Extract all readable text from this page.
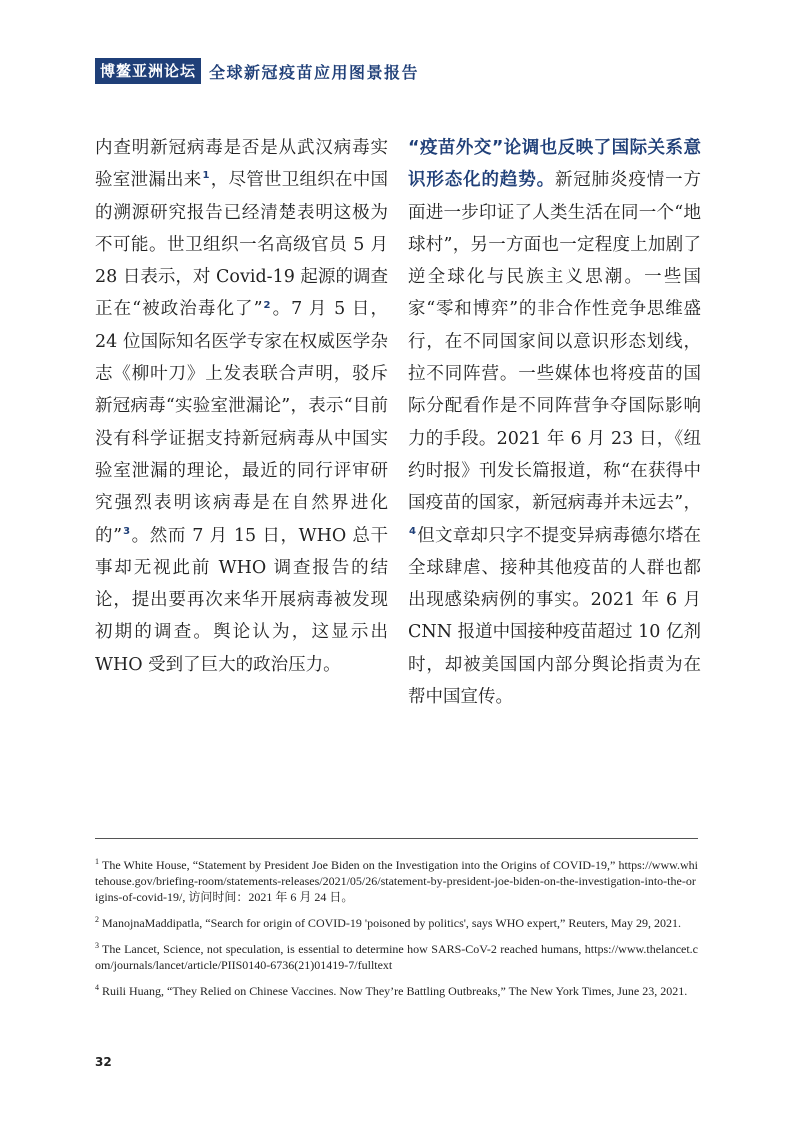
博鳌亚洲论坛 全球新冠疫苗应用图景报告

内查明新冠病毒是否是从武汉病毒实验室泄漏出来$^1$，尽管世卫组织在中国的溯源研究报告已经清楚表明这极为不可能。世卫组织一名高级官员 5 月 28 日表示，对 Covid-19 起源的调查正在“被政治毒化了”$^2$。7 月 5 日，24 位国际知名医学专家在权威医学杂志《柳叶刀》上发表联合声明，驳斥新冠病毒“实验室泄漏论”，表示“目前没有科学证据支持新冠病毒从中国实验室泄漏的理论，最近的同行评审研究强烈表明该病毒是在自然界进化的”$^3$。然而 7 月 15 日，WHO 总干事却无视此前 WHO 调查报告的结论，提出要再次来华开展病毒被发现初期的调查。舆论认为，这显示出 WHO 受到了巨大的政治压力。

“疫苗外交”论调也反映了国际关系意识形态化的趋势。新冠肺炎疫情一方面进一步印证了人类生活在同一个“地球村”，另一方面也一定程度上加剧了逆全球化与民族主义思潮。一些国家“零和博弈”的非合作性竞争思维盛行，在不同国家间以意识形态划线，拉不同阵营。一些媒体也将疫苗的国际分配看作是不同阵营争夺国际影响力的手段。2021 年 6 月 23 日，《纽约时报》刊发长篇报道，称“在获得中国疫苗的国家，新冠病毒并未远去”，$^4$但文章却只字不提变异病毒德尔塔在全球肆虐、接种其他疫苗的人群也都出现感染病例的事实。2021 年 6 月 CNN 报道中国接种疫苗超过 10 亿剂时，却被美国国内部分舆论指责为在帮中国宣传。

$^1$ The White House, “Statement by President Joe Biden on the Investigation into the Origins of COVID-19,” https://www.whitehouse.gov/briefing-room/statements-releases/2021/05/26/statement-by-president-joe-biden-on-the-investigation-into-the-origins-of-covid-19/, 访问时间：2021 年 6 月 24 日。

$^2$ ManojnaMaddipatla, “Search for origin of COVID-19 'poisoned by politics', says WHO expert,” Reuters, May 29, 2021.

$^3$ The Lancet, Science, not speculation, is essential to determine how SARS-CoV-2 reached humans, https://www.thelancet.com/journals/lancet/article/PIIS0140-6736(21)01419-7/fulltext

$^4$ Ruili Huang, “They Relied on Chinese Vaccines. Now They’re Battling Outbreaks,” The New York Times, June 23, 2021.

32
